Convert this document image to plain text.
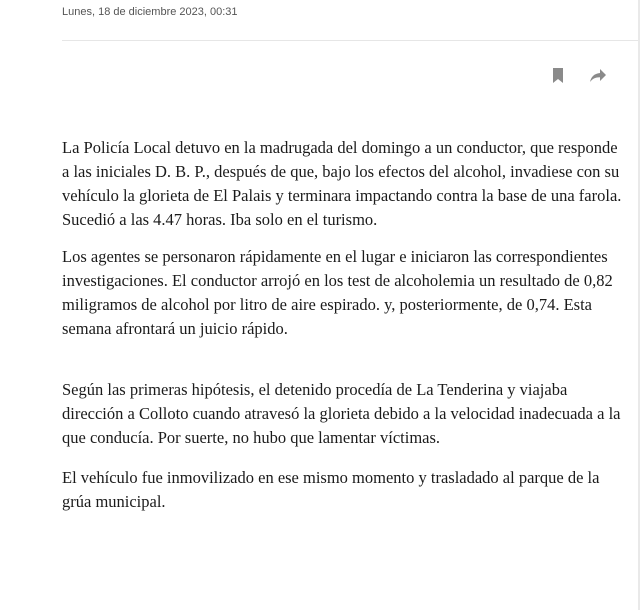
Lunes, 18 de diciembre 2023, 00:31

La Policía Local detuvo en la madrugada del domingo a un conductor, que responde a las iniciales D. B. P., después de que, bajo los efectos del alcohol, invadiese con su vehículo la glorieta de El Palais y terminara impactando contra la base de una farola. Sucedió a las 4.47 horas. Iba solo en el turismo.

Los agentes se personaron rápidamente en el lugar e iniciaron las correspondientes investigaciones. El conductor arrojó en los test de alcoholemia un resultado de 0,82 miligramos de alcohol por litro de aire espirado. y, posteriormente, de 0,74. Esta semana afrontará un juicio rápido.

Según las primeras hipótesis, el detenido procedía de La Tenderina y viajaba dirección a Colloto cuando atravesó la glorieta debido a la velocidad inadecuada a la que conducía. Por suerte, no hubo que lamentar víctimas.

El vehículo fue inmovilizado en ese mismo momento y trasladado al parque de la grúa municipal.
